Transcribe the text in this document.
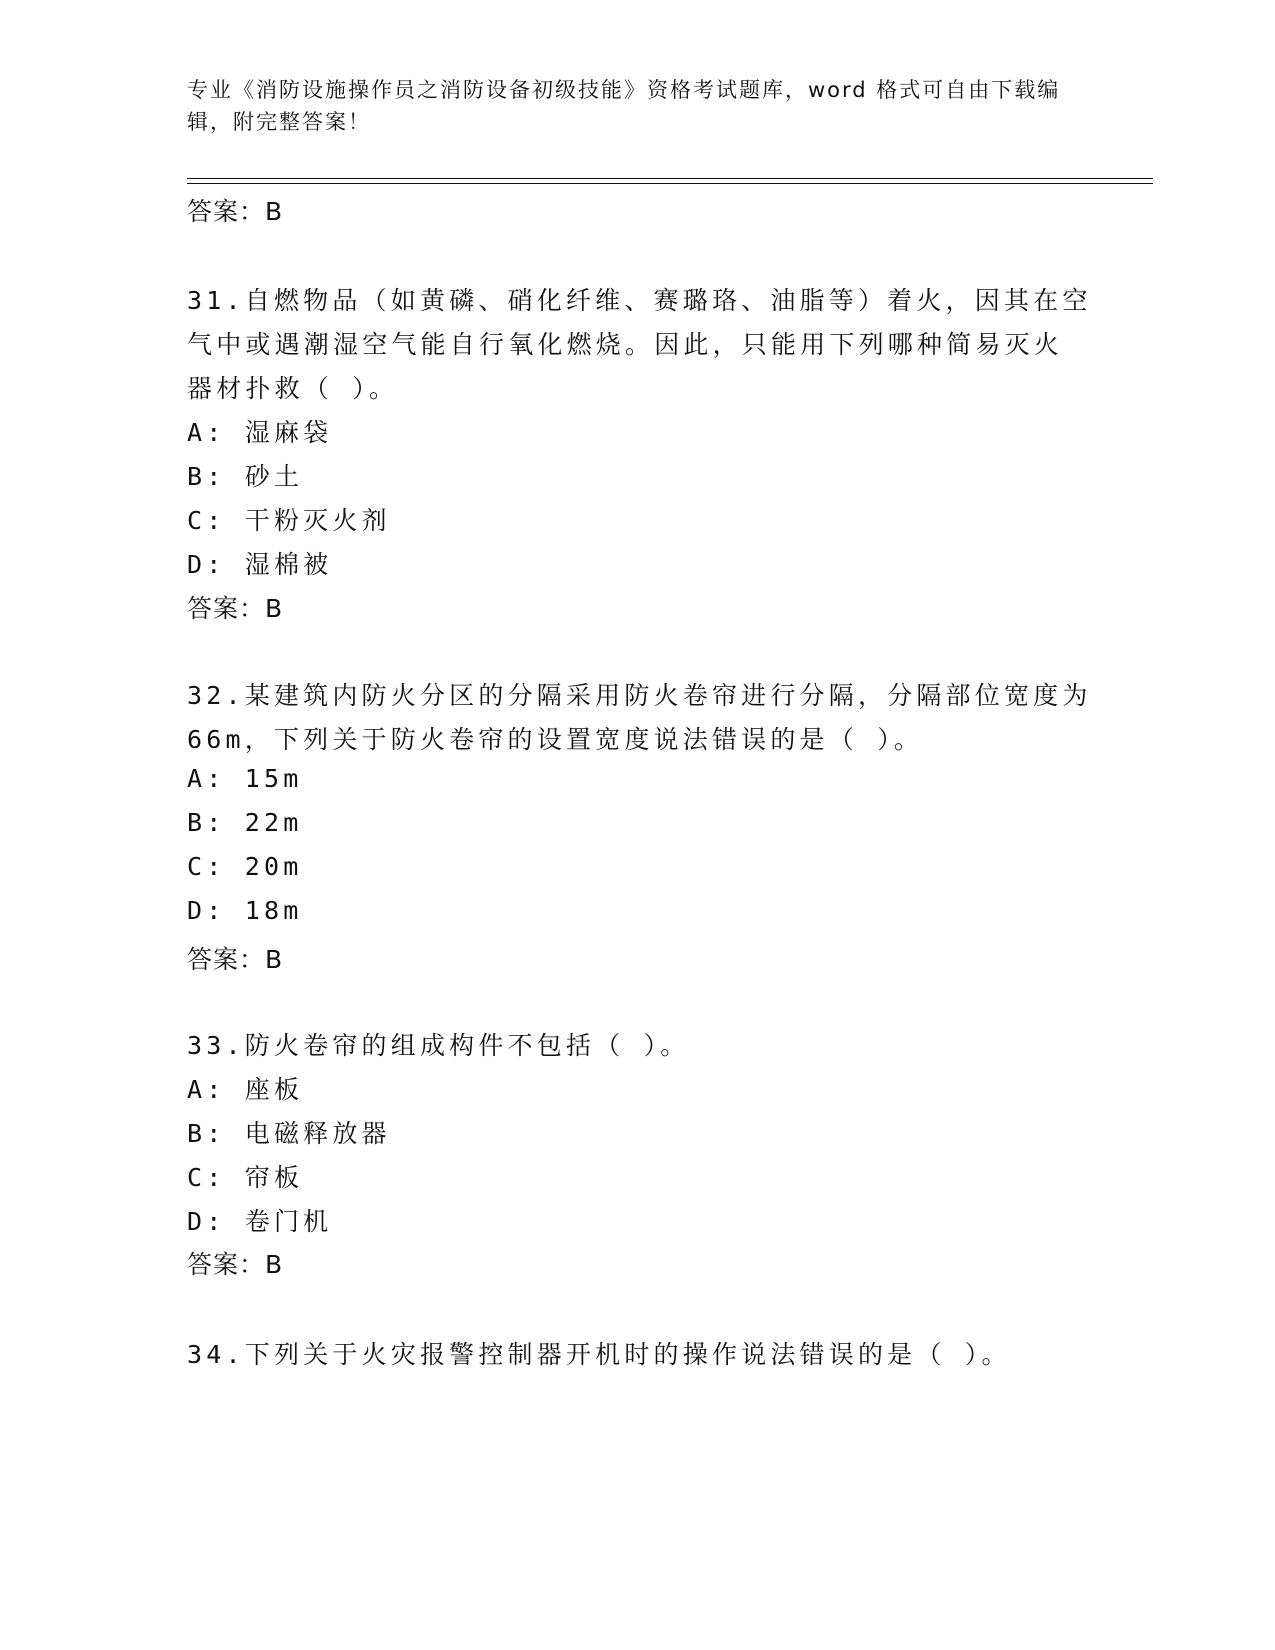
专业《消防设施操作员之消防设备初级技能》资格考试题库，word 格式可自由下载编辑，附完整答案！
答案：B
31.自燃物品（如黄磷、硝化纤维、赛璐珞、油脂等）着火，因其在空
气中或遇潮湿空气能自行氧化燃烧。因此，只能用下列哪种简易灭火
器材扑救（ ）。
A: 湿麻袋
B: 砂土
C: 干粉灭火剂
D: 湿棉被
答案：B
32.某建筑内防火分区的分隔采用防火卷帘进行分隔，分隔部位宽度为
66m，下列关于防火卷帘的设置宽度说法错误的是（ ）。
A: 15m
B: 22m
C: 20m
D: 18m
答案：B
33.防火卷帘的组成构件不包括（ ）。
A: 座板
B: 电磁释放器
C: 帘板
D: 卷门机
答案：B
34.下列关于火灾报警控制器开机时的操作说法错误的是（ ）。
